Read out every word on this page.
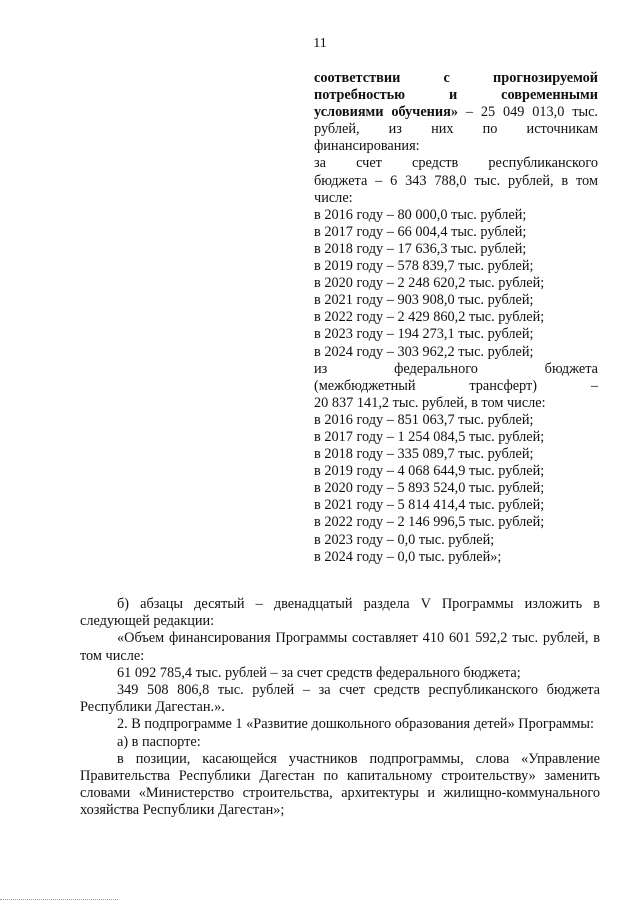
11

соответствии с прогнозируемой

потребностью и современными

условиями обучения» – 25 049 013,0 тыс.

рублей, из них по источникам

финансирования:

за счет средств республиканского

бюджета – 6 343 788,0 тыс. рублей, в том

числе:

в 2016 году – 80 000,0 тыс. рублей;

в 2017 году – 66 004,4 тыс. рублей;

в 2018 году – 17 636,3 тыс. рублей;

в 2019 году – 578 839,7 тыс. рублей;

в 2020 году – 2 248 620,2 тыс. рублей;

в 2021 году – 903 908,0 тыс. рублей;

в 2022 году – 2 429 860,2 тыс. рублей;

в 2023 году – 194 273,1 тыс. рублей;

в 2024 году – 303 962,2 тыс. рублей;

из федерального бюджета

(межбюджетный трансферт) –

20 837 141,2 тыс. рублей, в том числе:

в 2016 году – 851 063,7 тыс. рублей;

в 2017 году – 1 254 084,5 тыс. рублей;

в 2018 году – 335 089,7 тыс. рублей;

в 2019 году – 4 068 644,9 тыс. рублей;

в 2020 году – 5 893 524,0 тыс. рублей;

в 2021 году – 5 814 414,4 тыс. рублей;

в 2022 году – 2 146 996,5 тыс. рублей;

в 2023 году – 0,0 тыс. рублей;

в 2024 году – 0,0 тыс. рублей»;

б) абзацы десятый – двенадцатый раздела V Программы изложить в следующей редакции:

«Объем финансирования Программы составляет 410 601 592,2 тыс. рублей, в том числе:

61 092 785,4 тыс. рублей – за счет средств федерального бюджета;

349 508 806,8 тыс. рублей – за счет средств республиканского бюджета Республики Дагестан.».

2. В подпрограмме 1 «Развитие дошкольного образования детей» Программы:

а) в паспорте:

в позиции, касающейся участников подпрограммы, слова «Управление Правительства Республики Дагестан по капитальному строительству» заменить словами «Министерство строительства, архитектуры и жилищно-коммунального хозяйства Республики Дагестан»;
